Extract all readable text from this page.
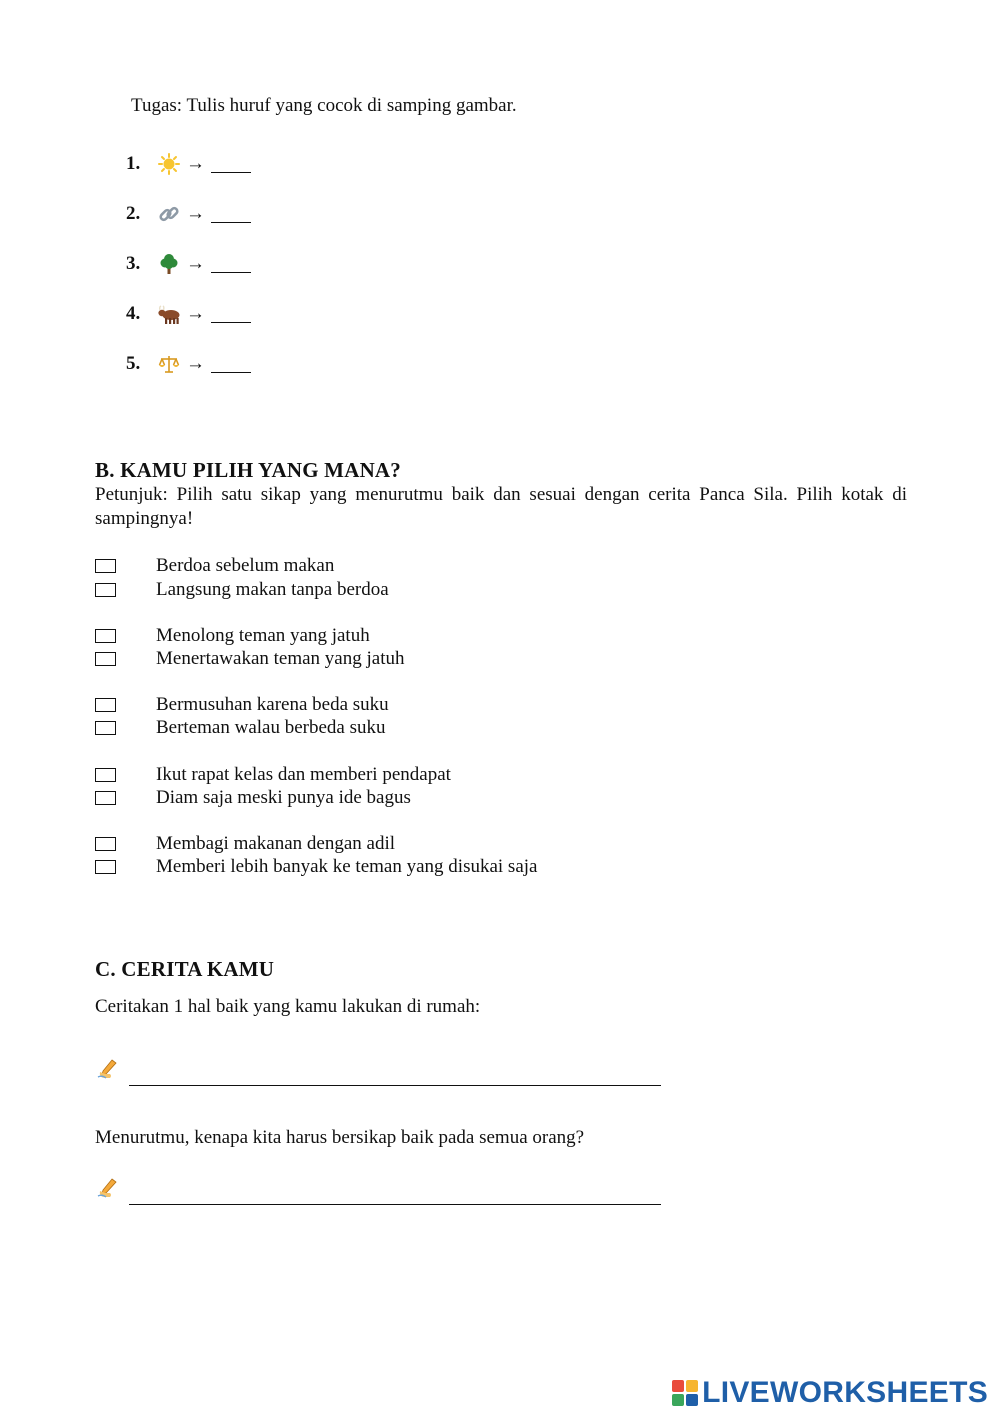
Tugas: Tulis huruf yang cocok di samping gambar.
1.	→
2.	→
3.	→
4.	→
5.	→
B. KAMU PILIH YANG MANA?
Petunjuk: Pilih satu sikap yang menurutmu baik dan sesuai dengan cerita Panca Sila. Pilih kotak di sampingnya!
Berdoa sebelum makan
Langsung makan tanpa berdoa
Menolong teman yang jatuh
Menertawakan teman yang jatuh
Bermusuhan karena beda suku
Berteman walau berbeda suku
Ikut rapat kelas dan memberi pendapat
Diam saja meski punya ide bagus
Membagi makanan dengan adil
Memberi lebih banyak ke teman yang disukai saja
C. CERITA KAMU
Ceritakan 1 hal baik yang kamu lakukan di rumah:
Menurutmu, kenapa kita harus bersikap baik pada semua orang?
LIVEWORKSHEETS
